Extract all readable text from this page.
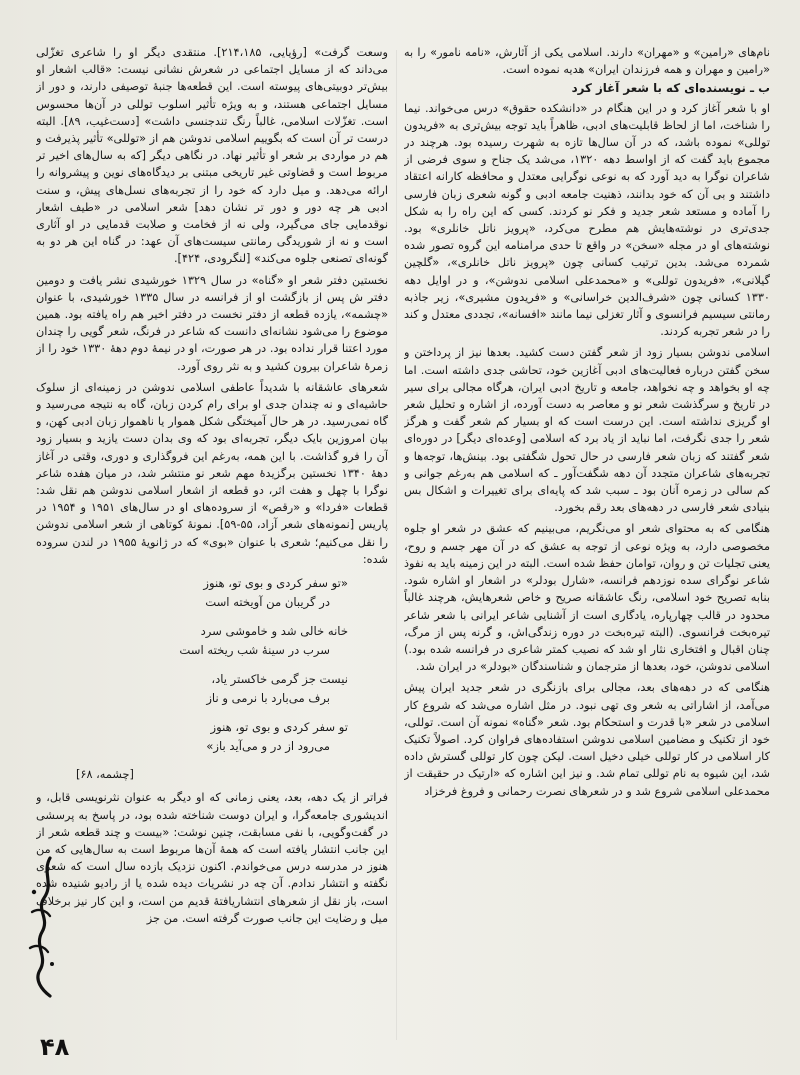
نام‌های «رامین» و «مهران» دارند. اسلامی یکی از آثارش، «نامه نامور» را به «رامین و مهران و همه فرزندان ایران» هدیه نموده است.

ب ـ نویسنده‌ای که با شعر آغاز کرد

او با شعر آغاز کرد و در این هنگام در «دانشکده حقوق» درس می‌خواند. نیما را شناخت، اما از لحاظ قابلیت‌های ادبی، ظاهراً باید توجه بیش‌تری به «فریدون توللی» نموده باشد، که در آن سال‌ها تازه به شهرت رسیده بود. هرچند در مجموع باید گفت که از اواسط دهه ۱۳۲۰، می‌شد یک جناح و سوی فرضی از شاعران نوگرا به دید آورد که به نوعی نوگرایی معتدل و محافظه کارانه اعتقاد داشتند و بی آن که خود بدانند، ذهنیت جامعه ادبی و گونه شعری زبان فارسی را آماده و مستعد شعر جدید و فکر نو کردند. کسی که این راه را به شکل جدی‌تری در نوشته‌هایش هم مطرح می‌کرد، «پرویز ناتل خانلری» بود. نوشته‌های او در مجله «سخن» در واقع تا حدی مرامنامه این گروه تصور شده شمرده می‌شد. بدین ترتیب کسانی چون «پرویز ناتل خانلری»، «گلچین گیلانی»، «فریدون توللی» و «محمدعلی اسلامی ندوشن»، و در اوایل دهه ۱۳۳۰ کسانی چون «شرف‌الدین خراسانی» و «فریدون مشیری»، زیر جاذبه رمانتی سیسیم فرانسوی و آثار تغزلی نیما مانند «افسانه»، تجددی معتدل و کند را در شعر تجربه کردند.

اسلامی ندوشن بسیار زود از شعر گفتن دست کشید. بعدها نیز از پرداختن و سخن گفتن درباره فعالیت‌های ادبی آغازین خود، تحاشی جدی داشته است. اما چه او بخواهد و چه نخواهد، جامعه و تاریخ ادبی ایران، هرگاه مجالی برای سیر در تاریخ و سرگذشت شعر نو و معاصر به دست آورده، از اشاره و تحلیل شعر او گریزی نداشته است. این درست است که او بسیار کم شعر گفت و هرگز شعر را جدی نگرفت، اما نباید از یاد برد که اسلامی [وعده‌ای دیگر] در دوره‌ای شعر گفتند که زبان شعر فارسی در حال تحول شگفتی بود. بینش‌ها، توجه‌ها و تجربه‌های شاعران متجدد آن دهه شگفت‌آور ـ که اسلامی هم به‌رغم جوانی و کم سالی در زمره آنان بود ـ سبب شد که پایه‌ای برای تغییرات و اشکال بس بنیادی شعر فارسی در دهه‌های بعد رقم بخورد.

هنگامی که به محتوای شعر او می‌نگریم، می‌بینیم که عشق در شعر او جلوه مخصوصی دارد، به ویژه نوعی از توجه به عشق که در آن مهر جسم و روح، یعنی تجلیات تن و روان، توامان حفظ شده است. البته در این زمینه باید به نفوذ شاعر نوگرای سده نوزدهم فرانسه، «شارل بودلر» در اشعار او اشاره شود. بنابه تصریح خود اسلامی، رنگ عاشقانه صریح و خاص شعرهایش، هرچند غالباً محدود در قالب چهارپاره، یادگاری است از آشنایی شاعر ایرانی با شعر شاعر تیره‌بخت فرانسوی. (البته تیره‌بخت در دوره زندگی‌اش، و گرنه پس از مرگ، چنان اقبال و افتخاری نثار او شد که نصیب کمتر شاعری در فرانسه شده بود.) اسلامی ندوشن، خود، بعدها از مترجمان و شناسندگان «بودلر» در ایران شد.

هنگامی که در دهه‌های بعد، مجالی برای بازنگری در شعر جدید ایران پیش می‌آمد، از اشاراتی به شعر وی تهی نبود. در مثل اشاره می‌شد که شروع کار اسلامی در شعر «با قدرت و استحکام بود. شعر «گناه» نمونه آن است. توللی، خود از تکنیک و مضامین اسلامی ندوشن استفاده‌های فراوان کرد. اصولاً تکنیک کار اسلامی در کار توللی خیلی دخیل است. لیکن چون کار توللی گسترش داده شد، این شیوه به نام توللی تمام شد. و نیز این اشاره که «ارتیک در حقیقت از محمدعلی اسلامی شروع شد و در شعرهای نصرت رحمانی و فروغ فرخزاد

وسعت گرفت» [رؤیایی، ۲۱۴،۱۸۵]. منتقدی دیگر او را شاعری تغزّلی می‌داند که از مسایل اجتماعی در شعرش نشانی نیست: «قالب اشعار او بیش‌تر دوبیتی‌های پیوسته است. این قطعه‌ها جنبهٔ توصیفی دارند، و دور از مسایل اجتماعی هستند، و به ویژه تأثیر اسلوب توللی در آن‌ها محسوس است. تغزّلات اسلامی، غالباً رنگ تندجنسی داشت» [دست‌غیب، ۸۹]. البته درست تر آن است که بگوییم اسلامی ندوشن هم از «توللی» تأثیر پذیرفت و هم در مواردی بر شعر او تأثیر نهاد. در نگاهی دیگر [که به سال‌های اخیر تر مربوط است و قضاوتی غیر تاریخی مبتنی بر دیدگاه‌های نوین و پیشروانه را ارائه می‌دهد. و میل دارد که خود را از تجربه‌های نسل‌های پیش، و سنت ادبی هر چه دور و دور تر نشان دهد] شعر اسلامی در «طیف اشعار نوقدمایی جای می‌گیرد، ولی نه از فخامت و صلابت قدمایی در او آثاری است و نه از شوریدگی رمانتی سیست‌های آن عهد: در گناه این هر دو به گونه‌ای تصنعی جلوه می‌کند» [لنگرودی، ۴۲۴].

نخستین دفتر شعر او «گناه» در سال ۱۳۲۹ خورشیدی نشر یافت و دومین دفتر ش پس از بازگشت او از فرانسه در سال ۱۳۳۵ خورشیدی، با عنوان «چشمه»، یازده قطعه از دفتر نخست در دفتر اخیر هم راه یافته بود. همین موضوع را می‌شود نشانه‌ای دانست که شاعر در فرنگ، شعر گویی را چندان مورد اعتنا قرار نداده بود. در هر صورت، او در نیمهٔ دوم دههٔ ۱۳۳۰ خود را از زمرهٔ شاعران بیرون کشید و به نثر روی آورد.

شعرهای عاشقانه با شدیداً عاطفی اسلامی ندوشن در زمینه‌ای از سلوک حاشیه‌ای و نه چندان جدی او برای رام کردن زبان، گاه به نتیجه می‌رسید و گاه نمی‌رسید. در هر حال آمیختگی شکل هموار یا ناهموار زبان ادبی کهن، و بیان امروزین بایک دیگر، تجربه‌ای بود که وی بدان دست یازید و بسیار زود آن را فرو گذاشت. با این همه، به‌رغم این فروگذاری و دوری، وقتی در آغاز دههٔ ۱۳۴۰ نخستین برگزیدهٔ مهم شعر نو منتشر شد، در میان هفده شاعر نوگرا با چهل و هفت اثر، دو قطعه از اشعار اسلامی ندوشن هم نقل شد: قطعات «فردا» و «رقص» از سروده‌های او در سال‌های ۱۹۵۱ و ۱۹۵۴ در پاریس [نمونه‌های شعر آزاد، ۵۵-۵۹]. نمونهٔ کوتاهی از شعر اسلامی ندوشن را نقل می‌کنیم؛ شعری با عنوان «بوی» که در ژانویهٔ ۱۹۵۵ در لندن سروده شده:

«تو سفر کردی و بوی تو، هنوز
در گریبان من آویخته است
خانه خالی شد و خاموشی سرد
سرب در سینهٔ شب ریخته است
نیست جز گرمی خاکستر یاد،
برف می‌بارد با نرمی و ناز
تو سفر کردی و بوی تو، هنوز
می‌رود از در و می‌آید باز»
[چشمه، ۶۸]

فراتر از یک دهه، بعد، یعنی زمانی که او دیگر به عنوان نثرنویسی قابل، و اندیشوری جامعه‌گرا، و ایران دوست شناخته شده بود، در پاسخ به پرسشی در گفت‌وگویی، با نفی مسابقت، چنین نوشت: «بیست و چند قطعه شعر از این جانب انتشار یافته است که همهٔ آن‌ها مربوط است به سال‌هایی که من هنوز در مدرسه درس می‌خواندم. اکنون نزدیک بازده سال است که شعری نگفته و انتشار ندادم. آن چه در نشریات دیده شده یا از رادیو شنیده شده است، باز نقل از شعرهای انتشاریافتهٔ قدیم من است، و این کار نیز برخلاف میل و رضایت این جانب صورت گرفته است. من جز

۴۸
